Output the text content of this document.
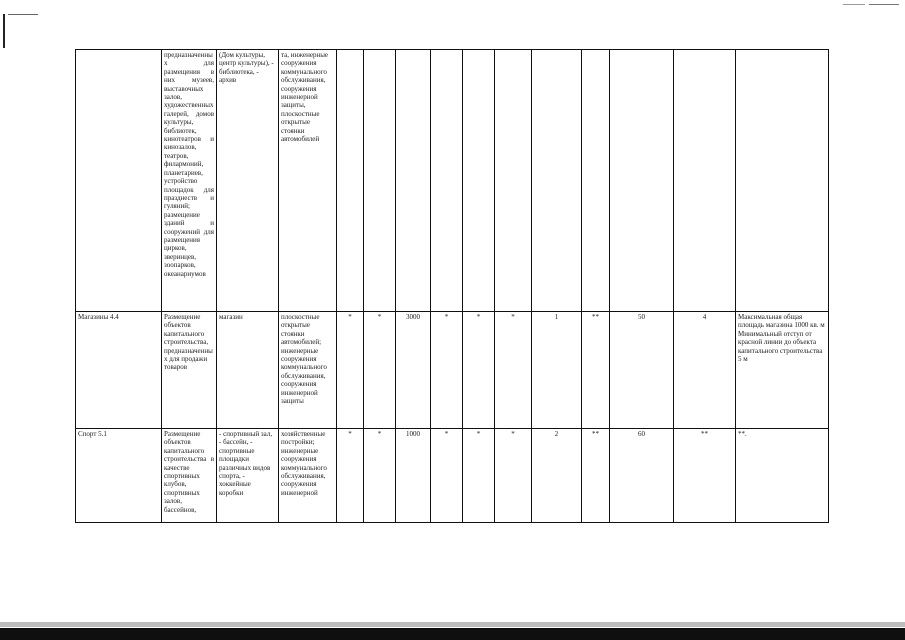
	предназначенных для размещения в них музеев, выставочных залов, художественных галерей, домов культуры, библиотек, кинотеатров и кинозалов, театров, филармоний, планетариев, устройство площадок для празднеств и гуляний; размещение зданий и сооружений для размещения цирков, зверинцев, зоопарков, океанариумов	(Дом культуры, центр культуры), - библиотека, - архив	та, инженерные сооружения коммунального обслуживания, сооружения инженерной защиты, плоскостные открытые стоянки автомобилей											
Магазины 4.4	Размещение объектов капитального строительства, предназначенных для продажи товаров	магазин	плоскостные открытые стоянки автомобилей; инженерные сооружения коммунального обслуживания, сооружения инженерной защиты	*	*	3000	*	*	*	1	**	50	4	Максимальная общая площадь магазина 1000 кв. м Минимальный отступ от красной линии до объекта капитального строительства 5 м
Спорт 5.1	Размещение объектов капитального строительства в качестве спортивных клубов, спортивных залов, бассейнов,	- спортивный зал, - бассейн, - спортивные площадки различных видов спорта, - хоккейные коробки	хозяйственные постройки; инженерные сооружения коммунального обслуживания, сооружения инженерной	*	*	1000	*	*	*	2	**	60	**	**.
